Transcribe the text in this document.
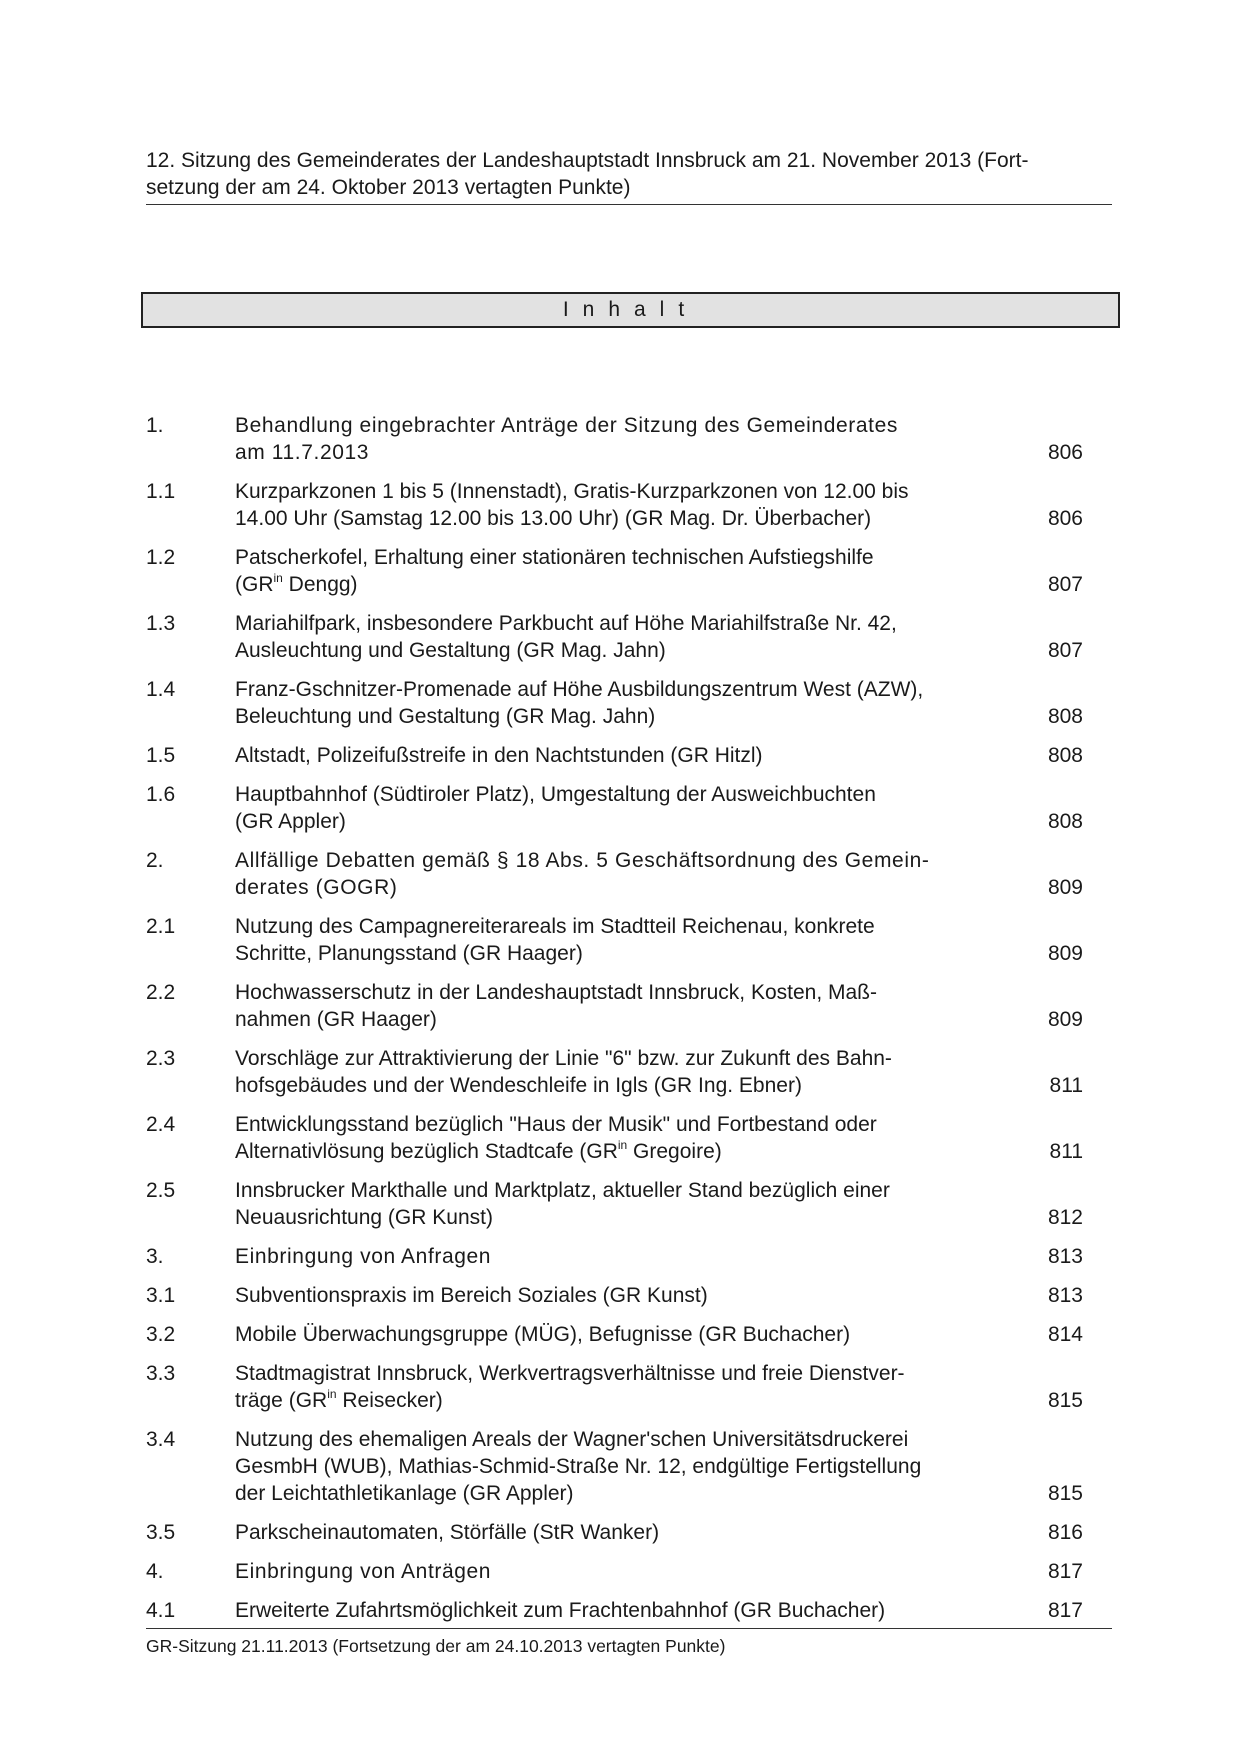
12. Sitzung des Gemeinderates der Landeshauptstadt Innsbruck am 21. November 2013 (Fort-
setzung der am 24. Oktober 2013 vertagten Punkte)
Inhalt
1.	Behandlung eingebrachter Anträge der Sitzung des Gemeinderates
am 11.7.2013	806
1.1	Kurzparkzonen 1 bis 5 (Innenstadt), Gratis-Kurzparkzonen von 12.00 bis
14.00 Uhr (Samstag 12.00 bis 13.00 Uhr) (GR Mag. Dr. Überbacher)	806
1.2	Patscherkofel, Erhaltung einer stationären technischen Aufstiegshilfe
($GR^{in}$ Dengg)	807
1.3	Mariahilfpark, insbesondere Parkbucht auf Höhe Mariahilfstraße Nr. 42,
Ausleuchtung und Gestaltung (GR Mag. Jahn)	807
1.4	Franz-Gschnitzer-Promenade auf Höhe Ausbildungszentrum West (AZW),
Beleuchtung und Gestaltung (GR Mag. Jahn)	808
1.5	Altstadt, Polizeifußstreife in den Nachtstunden (GR Hitzl)	808
1.6	Hauptbahnhof (Südtiroler Platz), Umgestaltung der Ausweichbuchten
(GR Appler)	808
2.	Allfällige Debatten gemäß § 18 Abs. 5 Geschäftsordnung des Gemein-
derates (GOGR)	809
2.1	Nutzung des Campagnereiterareals im Stadtteil Reichenau, konkrete
Schritte, Planungsstand (GR Haager)	809
2.2	Hochwasserschutz in der Landeshauptstadt Innsbruck, Kosten, Maß-
nahmen (GR Haager)	809
2.3	Vorschläge zur Attraktivierung der Linie "6" bzw. zur Zukunft des Bahn-
hofsgebäudes und der Wendeschleife in Igls (GR Ing. Ebner)	811
2.4	Entwicklungsstand bezüglich "Haus der Musik" und Fortbestand oder
Alternativlösung bezüglich Stadtcafe ($GR^{in}$ Gregoire)	811
2.5	Innsbrucker Markthalle und Marktplatz, aktueller Stand bezüglich einer
Neuausrichtung (GR Kunst)	812
3.	Einbringung von Anfragen	813
3.1	Subventionspraxis im Bereich Soziales (GR Kunst)	813
3.2	Mobile Überwachungsgruppe (MÜG), Befugnisse (GR Buchacher)	814
3.3	Stadtmagistrat Innsbruck, Werkvertragsverhältnisse und freie Dienstver-
träge ($GR^{in}$ Reisecker)	815
3.4	Nutzung des ehemaligen Areals der Wagner'schen Universitätsdruckerei
GesmbH (WUB), Mathias-Schmid-Straße Nr. 12, endgültige Fertigstellung
der Leichtathletikanlage (GR Appler)	815
3.5	Parkscheinautomaten, Störfälle (StR Wanker)	816
4.	Einbringung von Anträgen	817
4.1	Erweiterte Zufahrtsmöglichkeit zum Frachtenbahnhof (GR Buchacher)	817
GR-Sitzung 21.11.2013 (Fortsetzung der am 24.10.2013 vertagten Punkte)
